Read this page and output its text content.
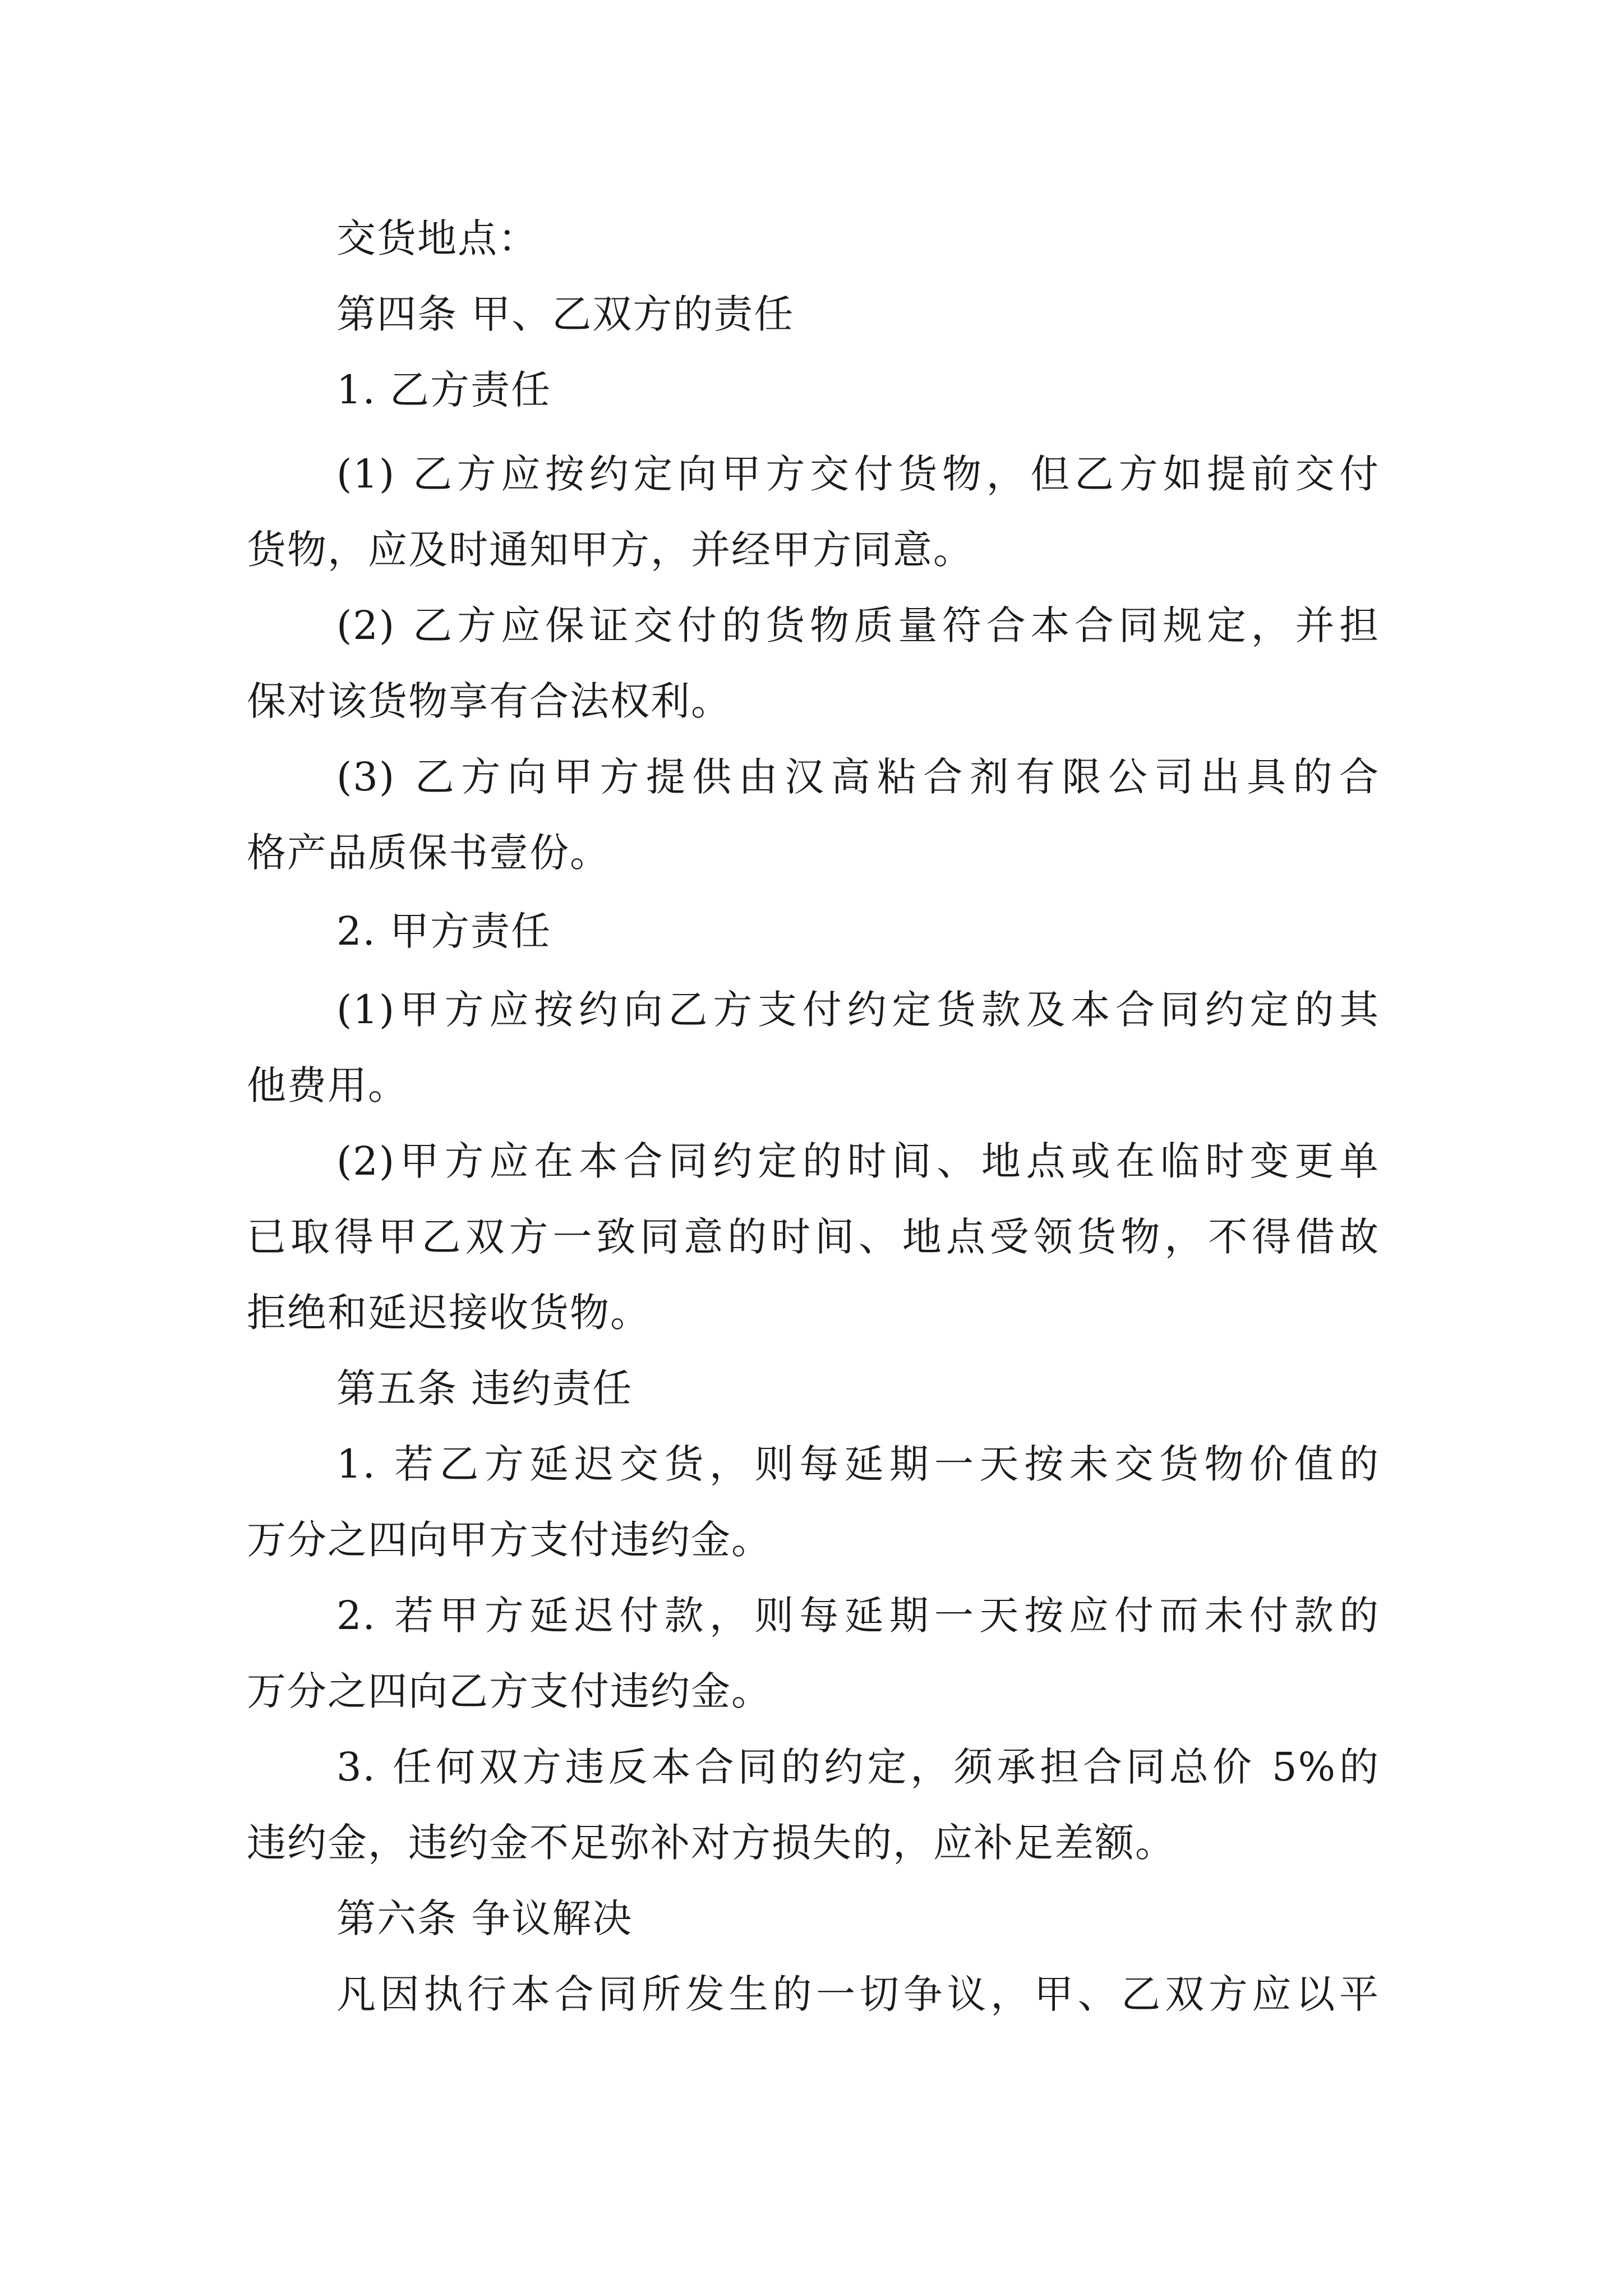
交货地点：
第四条 甲、乙双方的责任
1. 乙方责任
(1) 乙方应按约定向甲方交付货物，但乙方如提前交付
货物，应及时通知甲方，并经甲方同意。
(2) 乙方应保证交付的货物质量符合本合同规定，并担
保对该货物享有合法权利。
(3) 乙方向甲方提供由汉高粘合剂有限公司出具的合
格产品质保书壹份。
2. 甲方责任
(1)甲方应按约向乙方支付约定货款及本合同约定的其
他费用。
(2)甲方应在本合同约定的时间、地点或在临时变更单
已取得甲乙双方一致同意的时间、地点受领货物，不得借故
拒绝和延迟接收货物。
第五条 违约责任
1. 若乙方延迟交货，则每延期一天按未交货物价值的
万分之四向甲方支付违约金。
2. 若甲方延迟付款，则每延期一天按应付而未付款的
万分之四向乙方支付违约金。
3. 任何双方违反本合同的约定，须承担合同总价 5%的
违约金，违约金不足弥补对方损失的，应补足差额。
第六条 争议解决
凡因执行本合同所发生的一切争议，甲、乙双方应以平
